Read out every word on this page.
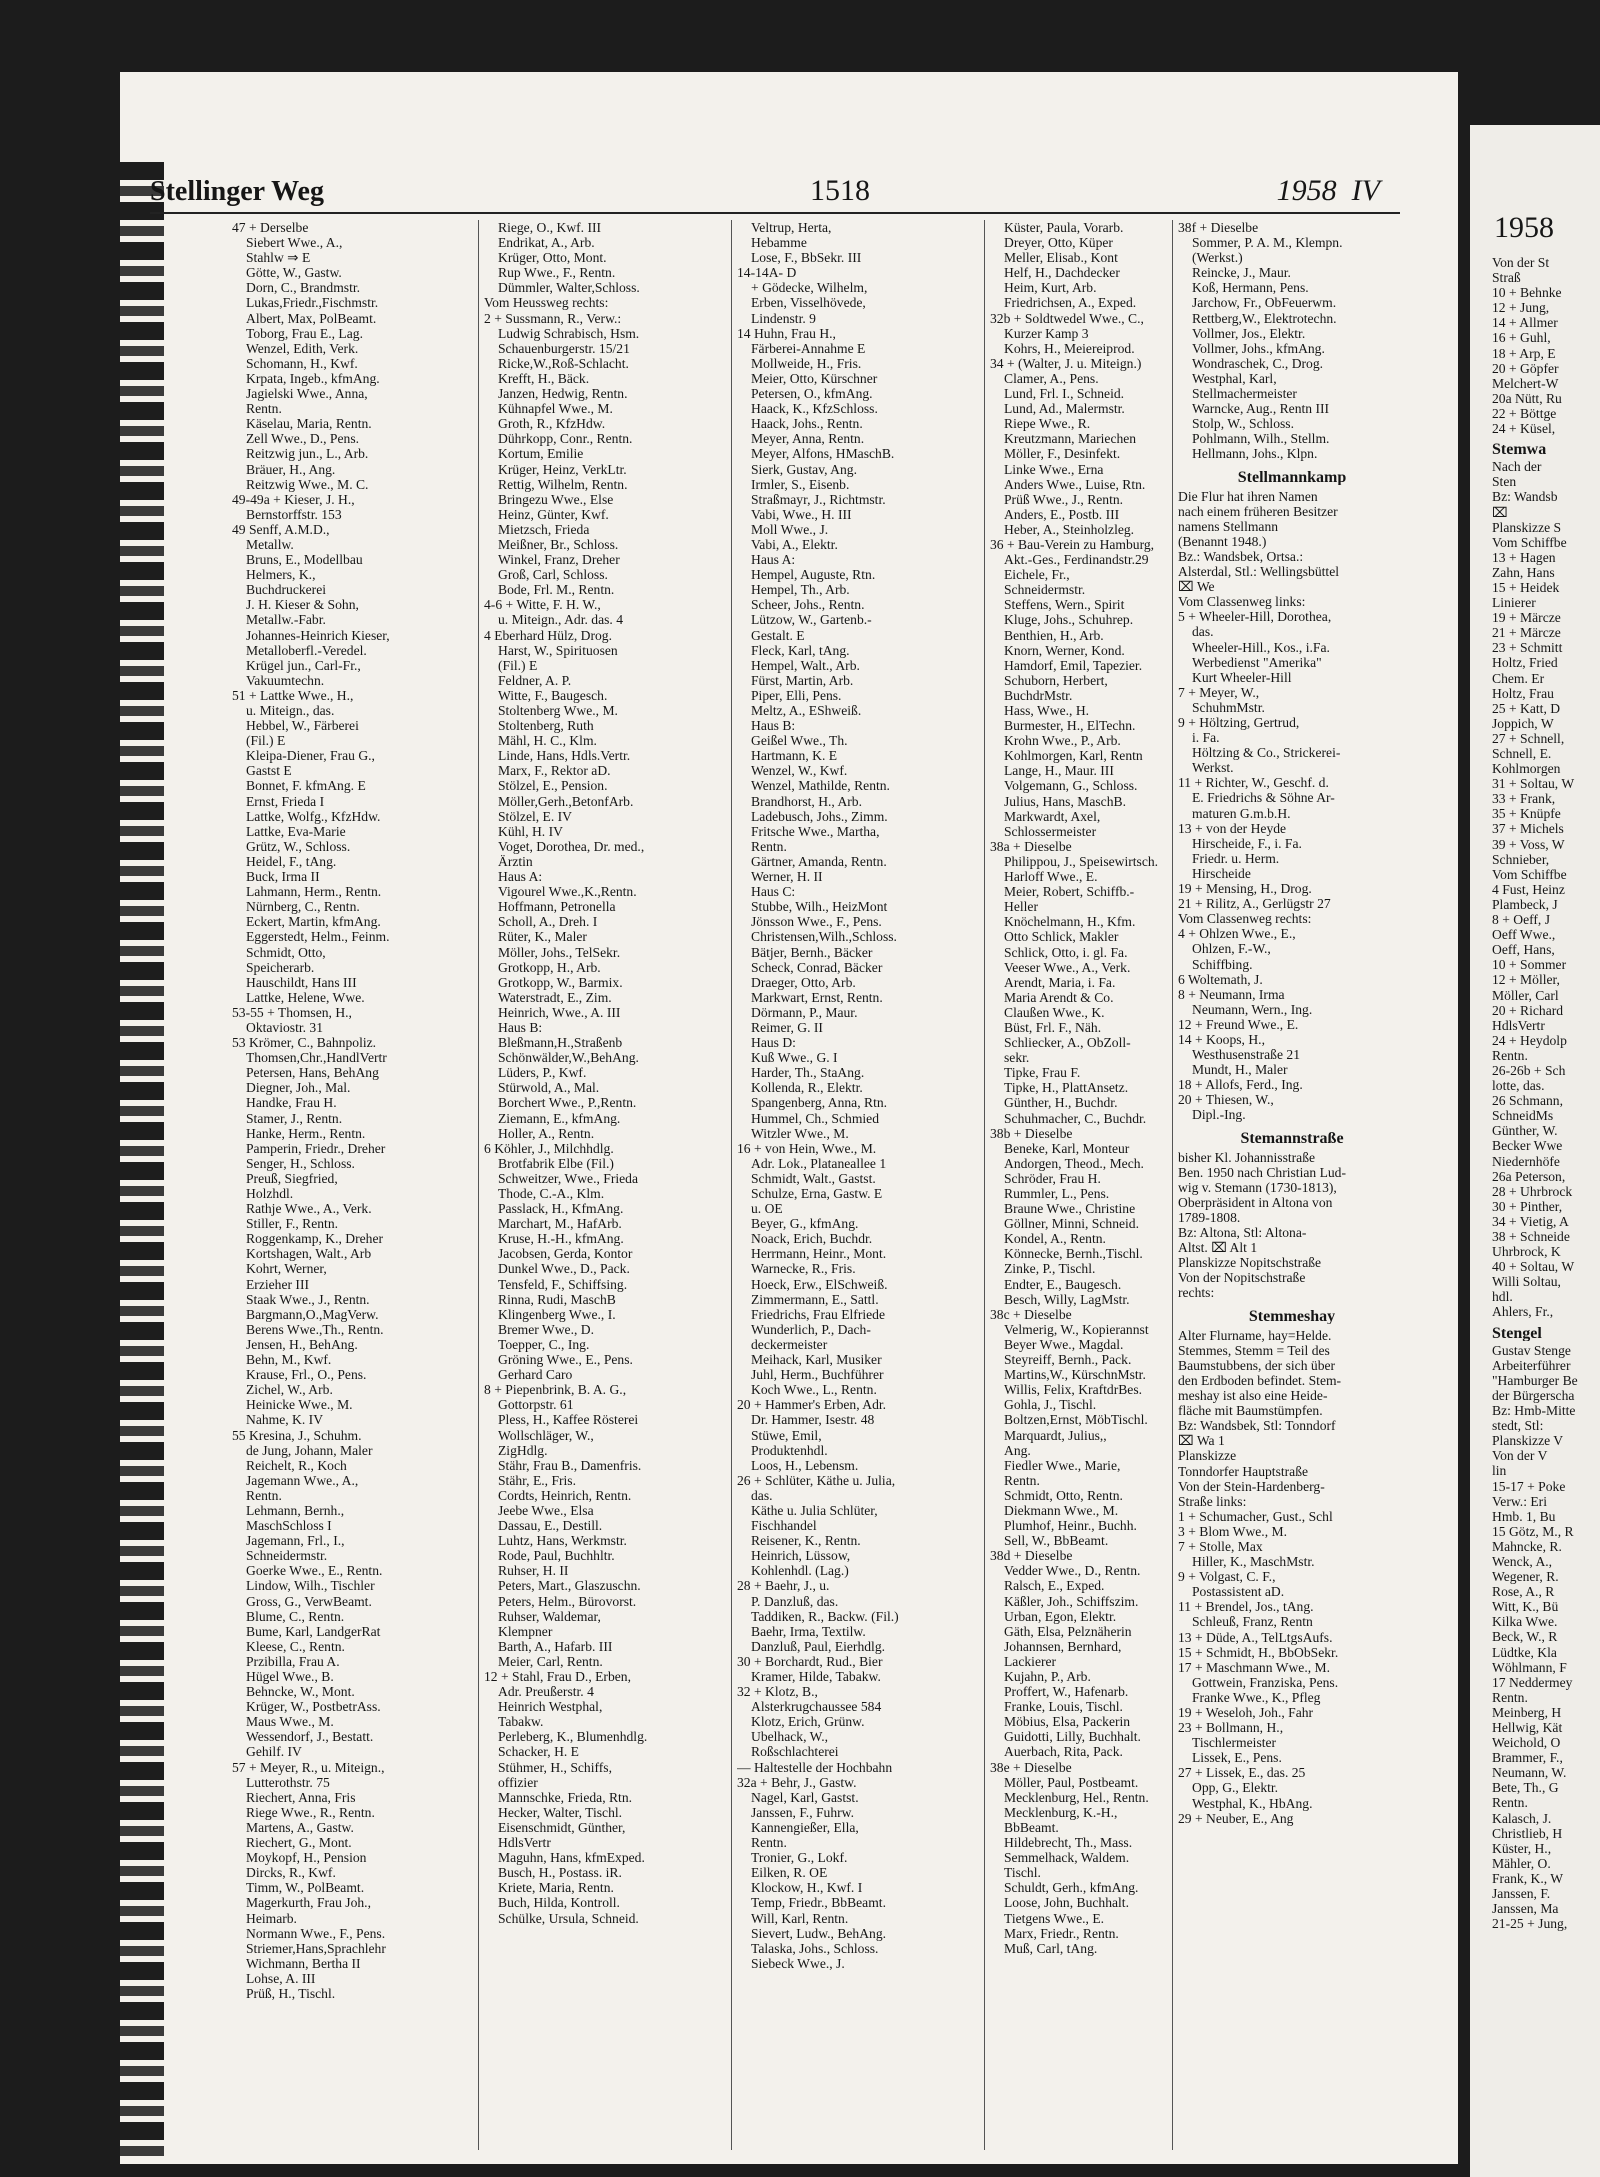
Stellinger Weg	1518	1958 IV
47 + Derselbe
Siebert Wwe., A.,
Stahlw ⇒ E
Götte, W., Gastw.
Dorn, C., Brandmstr.
Lukas,Friedr.,Fischmstr.
Albert, Max, PolBeamt.
Toborg, Frau E., Lag.
Wenzel, Edith, Verk.
Schomann, H., Kwf.
Krpata, Ingeb., kfmAng.
Jagielski Wwe., Anna,
Rentn.
Käselau, Maria, Rentn.
Zell Wwe., D., Pens.
Reitzwig jun., L., Arb.
Bräuer, H., Ang.
Reitzwig Wwe., M. C.
49-49a + Kieser, J. H.,
Bernstorffstr. 153
49 Senff, A.M.D.,
Metallw.
Bruns, E., Modellbau
Helmers, K.,
Buchdruckerei
J. H. Kieser & Sohn,
Metallw.-Fabr.
Johannes-Heinrich Kieser,
Metalloberfl.-Veredel.
Krügel jun., Carl-Fr.,
Vakuumtechn.
51 + Lattke Wwe., H.,
u. Miteign., das.
Hebbel, W., Färberei
(Fil.) E
Kleipa-Diener, Frau G.,
Gastst E
Bonnet, F. kfmAng. E
Ernst, Frieda I
Lattke, Wolfg., KfzHdw.
Lattke, Eva-Marie
Grütz, W., Schloss.
Heidel, F., tAng.
Buck, Irma II
Lahmann, Herm., Rentn.
Nürnberg, C., Rentn.
Eckert, Martin, kfmAng.
Eggerstedt, Helm., Feinm.
Schmidt, Otto,
Speicherarb.
Hauschildt, Hans III
Lattke, Helene, Wwe.
53-55 + Thomsen, H.,
Oktaviostr. 31
53 Krömer, C., Bahnpoliz.
Thomsen,Chr.,HandlVertr
Petersen, Hans, BehAng
Diegner, Joh., Mal.
Handke, Frau H.
Stamer, J., Rentn.
Hanke, Herm., Rentn.
Pamperin, Friedr., Dreher
Senger, H., Schloss.
Preuß, Siegfried,
Holzhdl.
Rathje Wwe., A., Verk.
Stiller, F., Rentn.
Roggenkamp, K., Dreher
Kortshagen, Walt., Arb
Kohrt, Werner,
Erzieher III
Staak Wwe., J., Rentn.
Bargmann,O.,MagVerw.
Berens Wwe.,Th., Rentn.
Jensen, H., BehAng.
Behn, M., Kwf.
Krause, Frl., O., Pens.
Zichel, W., Arb.
Heinicke Wwe., M.
Nahme, K. IV
55 Kresina, J., Schuhm.
de Jung, Johann, Maler
Reichelt, R., Koch
Jagemann Wwe., A.,
Rentn.
Lehmann, Bernh.,
MaschSchloss I
Jagemann, Frl., I.,
Schneidermstr.
Goerke Wwe., E., Rentn.
Lindow, Wilh., Tischler
Gross, G., VerwBeamt.
Blume, C., Rentn.
Bume, Karl, LandgerRat
Kleese, C., Rentn.
Przibilla, Frau A.
Hügel Wwe., B.
Behncke, W., Mont.
Krüger, W., PostbetrAss.
Maus Wwe., M.
Wessendorf, J., Bestatt.
Gehilf. IV
57 + Meyer, R., u. Miteign.,
Lutterothstr. 75
Riechert, Anna, Fris
Riege Wwe., R., Rentn.
Martens, A., Gastw.
Riechert, G., Mont.
Moykopf, H., Pension
Dircks, R., Kwf.
Timm, W., PolBeamt.
Magerkurth, Frau Joh.,
Heimarb.
Normann Wwe., F., Pens.
Striemer,Hans,Sprachlehr
Wichmann, Bertha II
Lohse, A. III
Prüß, H., Tischl.
Riege, O., Kwf. III
Endrikat, A., Arb.
Krüger, Otto, Mont.
Rup Wwe., F., Rentn.
Dümmler, Walter,Schloss.
Vom Heussweg rechts:
2 + Sussmann, R., Verw.:
Ludwig Schrabisch, Hsm.
Schauenburgerstr. 15/21
Ricke,W.,Roß-Schlacht.
Krefft, H., Bäck.
Janzen, Hedwig, Rentn.
Kühnapfel Wwe., M.
Groth, R., KfzHdw.
Dührkopp, Conr., Rentn.
Kortum, Emilie
Krüger, Heinz, VerkLtr.
Rettig, Wilhelm, Rentn.
Bringezu Wwe., Else
Heinz, Günter, Kwf.
Mietzsch, Frieda
Meißner, Br., Schloss.
Winkel, Franz, Dreher
Groß, Carl, Schloss.
Bode, Frl. M., Rentn.
4-6 + Witte, F. H. W.,
u. Miteign., Adr. das. 4
4 Eberhard Hülz, Drog.
Harst, W., Spirituosen
(Fil.) E
Feldner, A. P.
Witte, F., Baugesch.
Stoltenberg Wwe., M.
Stoltenberg, Ruth
Mähl, H. C., Klm.
Linde, Hans, Hdls.Vertr.
Marx, F., Rektor aD.
Stölzel, E., Pension.
Möller,Gerh.,BetonfArb.
Stölzel, E. IV
Kühl, H. IV
Voget, Dorothea, Dr. med.,
Ärztin
Haus A:
Vigourel Wwe.,K.,Rentn.
Hoffmann, Petronella
Scholl, A., Dreh. I
Rüter, K., Maler
Möller, Johs., TelSekr.
Grotkopp, H., Arb.
Grotkopp, W., Barmix.
Waterstradt, E., Zim.
Heinrich, Wwe., A. III
Haus B:
Bleßmann,H.,Straßenb
Schönwälder,W.,BehAng.
Lüders, P., Kwf.
Stürwold, A., Mal.
Borchert Wwe., P.,Rentn.
Ziemann, E., kfmAng.
Holler, A., Rentn.
6 Köhler, J., Milchhdlg.
Brotfabrik Elbe (Fil.)
Schweitzer, Wwe., Frieda
Thode, C.-A., Klm.
Passlack, H., KfmAng.
Marchart, M., HafArb.
Kruse, H.-H., kfmAng.
Jacobsen, Gerda, Kontor
Dunkel Wwe., D., Pack.
Tensfeld, F., Schiffsing.
Rinna, Rudi, MaschB
Klingenberg Wwe., I.
Bremer Wwe., D.
Toepper, C., Ing.
Gröning Wwe., E., Pens.
Gerhard Caro
8 + Piepenbrink, B. A. G.,
Gottorpstr. 61
Pless, H., Kaffee Rösterei
Wollschläger, W.,
ZigHdlg.
Stähr, Frau B., Damenfris.
Stähr, E., Fris.
Cordts, Heinrich, Rentn.
Jeebe Wwe., Elsa
Dassau, E., Destill.
Luhtz, Hans, Werkmstr.
Rode, Paul, Buchhltr.
Ruhser, H. II
Peters, Mart., Glaszuschn.
Peters, Helm., Bürovorst.
Ruhser, Waldemar,
Klempner
Barth, A., Hafarb. III
Meier, Carl, Rentn.
12 + Stahl, Frau D., Erben,
Adr. Preußerstr. 4
Heinrich Westphal,
Tabakw.
Perleberg, K., Blumenhdlg.
Schacker, H. E
Stühmer, H., Schiffs,
offizier
Mannschke, Frieda, Rtn.
Hecker, Walter, Tischl.
Eisenschmidt, Günther,
HdlsVertr
Maguhn, Hans, kfmExped.
Busch, H., Postass. iR.
Kriete, Maria, Rentn.
Buch, Hilda, Kontroll.
Schülke, Ursula, Schneid.
Veltrup, Herta,
Hebamme
Lose, F., BbSekr. III
14-14A- D
+ Gödecke, Wilhelm,
Erben, Visselhövede,
Lindenstr. 9
14 Huhn, Frau H.,
Färberei-Annahme E
Mollweide, H., Fris.
Meier, Otto, Kürschner
Petersen, O., kfmAng.
Haack, K., KfzSchloss.
Haack, Johs., Rentn.
Meyer, Anna, Rentn.
Meyer, Alfons, HMaschB.
Sierk, Gustav, Ang.
Irmler, S., Eisenb.
Straßmayr, J., Richtmstr.
Vabi, Wwe., H. III
Moll Wwe., J.
Vabi, A., Elektr.
Haus A:
Hempel, Auguste, Rtn.
Hempel, Th., Arb.
Scheer, Johs., Rentn.
Lützow, W., Gartenb.-
Gestalt. E
Fleck, Karl, tAng.
Hempel, Walt., Arb.
Fürst, Martin, Arb.
Piper, Elli, Pens.
Meltz, A., EShweiß.
Haus B:
Geißel Wwe., Th.
Hartmann, K. E
Wenzel, W., Kwf.
Wenzel, Mathilde, Rentn.
Brandhorst, H., Arb.
Ladebusch, Johs., Zimm.
Fritsche Wwe., Martha,
Rentn.
Gärtner, Amanda, Rentn.
Werner, H. II
Haus C:
Stubbe, Wilh., HeizMont
Jönsson Wwe., F., Pens.
Christensen,Wilh.,Schloss.
Bätjer, Bernh., Bäcker
Scheck, Conrad, Bäcker
Draeger, Otto, Arb.
Markwart, Ernst, Rentn.
Dörmann, P., Maur.
Reimer, G. II
Haus D:
Kuß Wwe., G. I
Harder, Th., StaAng.
Kollenda, R., Elektr.
Spangenberg, Anna, Rtn.
Hummel, Ch., Schmied
Witzler Wwe., M.
16 + von Hein, Wwe., M.
Adr. Lok., Plataneallee 1
Schmidt, Walt., Gastst.
Schulze, Erna, Gastw. E
u. OE
Beyer, G., kfmAng.
Noack, Erich, Buchdr.
Herrmann, Heinr., Mont.
Warnecke, R., Fris.
Hoeck, Erw., ElSchweiß.
Zimmermann, E., Sattl.
Friedrichs, Frau Elfriede
Wunderlich, P., Dach-
deckermeister
Meihack, Karl, Musiker
Juhl, Herm., Buchführer
Koch Wwe., L., Rentn.
20 + Hammer's Erben, Adr.
Dr. Hammer, Isestr. 48
Stüwe, Emil,
Produktenhdl.
Loos, H., Lebensm.
26 + Schlüter, Käthe u. Julia,
das.
Käthe u. Julia Schlüter,
Fischhandel
Reisener, K., Rentn.
Heinrich, Lüssow,
Kohlenhdl. (Lag.)
28 + Baehr, J., u.
P. Danzluß, das.
Taddiken, R., Backw. (Fil.)
Baehr, Irma, Textilw.
Danzluß, Paul, Eierhdlg.
30 + Borchardt, Rud., Bier
Kramer, Hilde, Tabakw.
32 + Klotz, B.,
Alsterkrugchaussee 584
Klotz, Erich, Grünw.
Ubelhack, W.,
Roßschlachterei
— Haltestelle der Hochbahn
32a + Behr, J., Gastw.
Nagel, Karl, Gastst.
Janssen, F., Fuhrw.
Kannengießer, Ella,
Rentn.
Tronier, G., Lokf.
Eilken, R. OE
Klockow, H., Kwf. I
Temp, Friedr., BbBeamt.
Will, Karl, Rentn.
Sievert, Ludw., BehAng.
Talaska, Johs., Schloss.
Siebeck Wwe., J.
Küster, Paula, Vorarb.
Dreyer, Otto, Küper
Meller, Elisab., Kont
Helf, H., Dachdecker
Heim, Kurt, Arb.
Friedrichsen, A., Exped.
32b + Soldtwedel Wwe., C.,
Kurzer Kamp 3
Kohrs, H., Meiereiprod.
34 + (Walter, J. u. Miteign.)
Clamer, A., Pens.
Lund, Frl. I., Schneid.
Lund, Ad., Malermstr.
Riepe Wwe., R.
Kreutzmann, Mariechen
Möller, F., Desinfekt.
Linke Wwe., Erna
Anders Wwe., Luise, Rtn.
Prüß Wwe., J., Rentn.
Anders, E., Postb. III
Heber, A., Steinholzleg.
36 + Bau-Verein zu Hamburg,
Akt.-Ges., Ferdinandstr.29
Eichele, Fr.,
Schneidermstr.
Steffens, Wern., Spirit
Kluge, Johs., Schuhrep.
Benthien, H., Arb.
Knorn, Werner, Kond.
Hamdorf, Emil, Tapezier.
Schuborn, Herbert,
BuchdrMstr.
Hass, Wwe., H.
Burmester, H., ElTechn.
Krohn Wwe., P., Arb.
Kohlmorgen, Karl, Rentn
Lange, H., Maur. III
Volgemann, G., Schloss.
Julius, Hans, MaschB.
Markwardt, Axel,
Schlossermeister
38a + Dieselbe
Philippou, J., Speisewirtsch.
Harloff Wwe., E.
Meier, Robert, Schiffb.-
Heller
Knöchelmann, H., Kfm.
Otto Schlick, Makler
Schlick, Otto, i. gl. Fa.
Veeser Wwe., A., Verk.
Arendt, Maria, i. Fa.
Maria Arendt & Co.
Claußen Wwe., K.
Büst, Frl. F., Näh.
Schliecker, A., ObZoll-
sekr.
Tipke, Frau F.
Tipke, H., PlattAnsetz.
Günther, H., Buchdr.
Schuhmacher, C., Buchdr.
38b + Dieselbe
Beneke, Karl, Monteur
Andorgen, Theod., Mech.
Schröder, Frau H.
Rummler, L., Pens.
Braune Wwe., Christine
Göllner, Minni, Schneid.
Kondel, A., Rentn.
Könnecke, Bernh.,Tischl.
Zinke, P., Tischl.
Endter, E., Baugesch.
Besch, Willy, LagMstr.
38c + Dieselbe
Velmerig, W., Kopierannst
Beyer Wwe., Magdal.
Steyreiff, Bernh., Pack.
Martins,W., KürschnMstr.
Willis, Felix, KraftdrBes.
Gohla, J., Tischl.
Boltzen,Ernst, MöbTischl.
Marquardt, Julius,,
Ang.
Fiedler Wwe., Marie,
Rentn.
Schmidt, Otto, Rentn.
Diekmann Wwe., M.
Plumhof, Heinr., Buchh.
Sell, W., BbBeamt.
38d + Dieselbe
Vedder Wwe., D., Rentn.
Ralsch, E., Exped.
Käßler, Joh., Schiffszim.
Urban, Egon, Elektr.
Gäth, Elsa, Pelznäherin
Johannsen, Bernhard,
Lackierer
Kujahn, P., Arb.
Proffert, W., Hafenarb.
Franke, Louis, Tischl.
Möbius, Elsa, Packerin
Guidotti, Lilly, Buchhalt.
Auerbach, Rita, Pack.
38e + Dieselbe
Möller, Paul, Postbeamt.
Mecklenburg, Hel., Rentn.
Mecklenburg, K.-H.,
BbBeamt.
Hildebrecht, Th., Mass.
Semmelhack, Waldem.
Tischl.
Schuldt, Gerh., kfmAng.
Loose, John, Buchhalt.
Tietgens Wwe., E.
Marx, Friedr., Rentn.
Muß, Carl, tAng.
38f + Dieselbe
Sommer, P. A. M., Klempn.
(Werkst.)
Reincke, J., Maur.
Koß, Hermann, Pens.
Jarchow, Fr., ObFeuerwm.
Rettberg,W., Elektrotechn.
Vollmer, Jos., Elektr.
Vollmer, Johs., kfmAng.
Wondraschek, C., Drog.
Westphal, Karl,
Stellmachermeister
Warncke, Aug., Rentn III
Stolp, W., Schloss.
Pohlmann, Wilh., Stellm.
Hellmann, Johs., Klpn.
Stellmannkamp
Die Flur hat ihren Namen
nach einem früheren Besitzer
namens Stellmann
(Benannt 1948.)
Bz.: Wandsbek, Ortsa.:
Alsterdal, Stl.: Wellingsbüttel
⌧ We
Vom Classenweg links:
5 + Wheeler-Hill, Dorothea,
das.
Wheeler-Hill., Kos., i.Fa.
Werbedienst "Amerika"
Kurt Wheeler-Hill
7 + Meyer, W.,
SchuhmMstr.
9 + Höltzing, Gertrud,
i. Fa.
Höltzing & Co., Strickerei-
Werkst.
11 + Richter, W., Geschf. d.
E. Friedrichs & Söhne Ar-
maturen G.m.b.H.
13 + von der Heyde
Hirscheide, F., i. Fa.
Friedr. u. Herm.
Hirscheide
19 + Mensing, H., Drog.
21 + Rilitz, A., Gerlügstr 27
Vom Classenweg rechts:
4 + Ohlzen Wwe., E.,
Ohlzen, F.-W.,
Schiffbing.
6 Woltemath, J.
8 + Neumann, Irma
Neumann, Wern., Ing.
12 + Freund Wwe., E.
14 + Koops, H.,
Westhusenstraße 21
Mundt, H., Maler
18 + Allofs, Ferd., Ing.
20 + Thiesen, W.,
Dipl.-Ing.
Stemannstraße
bisher Kl. Johannisstraße
Ben. 1950 nach Christian Lud-
wig v. Stemann (1730-1813),
Oberpräsident in Altona von
1789-1808.
Bz: Altona, Stl: Altona-
Altst. ⌧ Alt 1
Planskizze Nopitschstraße
Von der Nopitschstraße
rechts:
Stemmeshay
Alter Flurname, hay=Helde.
Stemmes, Stemm = Teil des
Baumstubbens, der sich über
den Erdboden befindet. Stem-
meshay ist also eine Heide-
fläche mit Baumstümpfen.
Bz: Wandsbek, Stl: Tonndorf
⌧ Wa 1
Planskizze
Tonndorfer Hauptstraße
Von der Stein-Hardenberg-
Straße links:
1 + Schumacher, Gust., Schl
3 + Blom Wwe., M.
7 + Stolle, Max
Hiller, K., MaschMstr.
9 + Volgast, C. F.,
Postassistent aD.
11 + Brendel, Jos., tAng.
Schleuß, Franz, Rentn
13 + Düde, A., TelLtgsAufs.
15 + Schmidt, H., BbObSekr.
17 + Maschmann Wwe., M.
Gottwein, Franziska, Pens.
Franke Wwe., K., Pfleg
19 + Weseloh, Joh., Fahr
23 + Bollmann, H.,
Tischlermeister
Lissek, E., Pens.
27 + Lissek, E., das. 25
Opp, G., Elektr.
Westphal, K., HbAng.
29 + Neuber, E., Ang
1958
Von der St
Straß
10 + Behnke
12 + Jung,
14 + Allmer
16 + Guhl,
18 + Arp, E
20 + Göpfer
Melchert-W
20a Nütt, Ru
22 + Böttge
24 + Küsel,
Stemwa
Nach der
Sten
Bz: Wandsb
⌧
Planskizze S
Vom Schiffbe
13 + Hagen
Zahn, Hans
15 + Heidek
Linierer
19 + Märcze
21 + Märcze
23 + Schmitt
Holtz, Fried
Chem. Er
Holtz, Frau
25 + Katt, D
Joppich, W
27 + Schnell,
Schnell, E.
Kohlmorgen
31 + Soltau, W
33 + Frank,
35 + Knüpfe
37 + Michels
39 + Voss, W
Schnieber,
Vom Schiffbe
4 Fust, Heinz
Plambeck, J
8 + Oeff, J
Oeff Wwe.,
Oeff, Hans,
10 + Sommer
12 + Möller,
Möller, Carl
20 + Richard
HdlsVertr
24 + Heydolp
Rentn.
26-26b + Sch
lotte, das.
26 Schmann,
SchneidMs
Günther, W.
Becker Wwe
Niedernhöfe
26a Peterson,
28 + Uhrbrock
30 + Pinther,
34 + Vietig, A
38 + Schneide
Uhrbrock, K
40 + Soltau, W
Willi Soltau,
hdl.
Ahlers, Fr.,
Stengel
Gustav Stenge
Arbeiterführer
"Hamburger Be
der Bürgerscha
Bz: Hmb-Mitte
stedt, Stl:
Planskizze V
Von der V
lin
15-17 + Poke
Verw.: Eri
Hmb. 1, Bu
15 Götz, M., R
Mahncke, R.
Wenck, A.,
Wegener, R.
Rose, A., R
Witt, K., Bü
Kilka Wwe.
Beck, W., R
Lüdtke, Kla
Wöhlmann, F
17 Neddermey
Rentn.
Meinberg, H
Hellwig, Kät
Weichold, O
Brammer, F.,
Neumann, W.
Bete, Th., G
Rentn.
Kalasch, J.
Christlieb, H
Küster, H.,
Mähler, O.
Frank, K., W
Janssen, F.
Janssen, Ma
21-25 + Jung,
